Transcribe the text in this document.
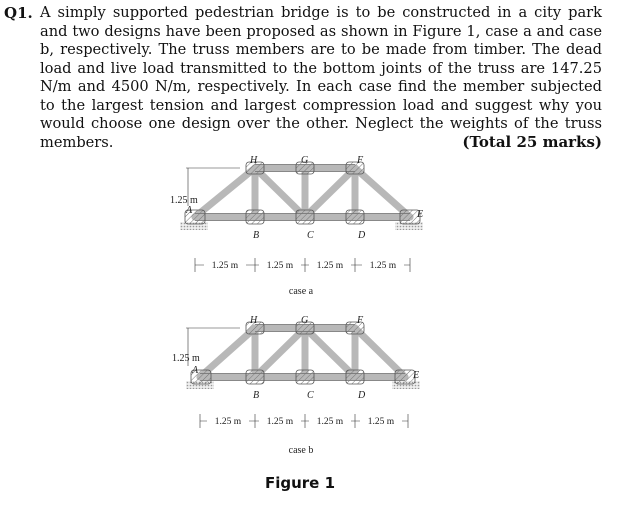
Q1. A simply supported pedestrian bridge is to be constructed in a city park and two designs have been proposed as shown in Figure 1, case a and case b, respectively. The truss members are to be made from timber. The dead load and live load transmitted to the bottom joints of the truss are 147.25 N/m and 4500 N/m, respectively. In each case find the member subjected to the largest tension and largest compression load and suggest why you would choose one design over the other. Neglect the weights of the truss members.	(Total 25 marks)
A
B	C	D
E
F
G
H
1.25 m
1.25 m	1.25 m 1.25 m	1.25 m
case a
A
B	C	D
E
F
G
H
1.25 m
1.25 m	1.25 m 1.25 m	1.25 m
case b
Figure 1
